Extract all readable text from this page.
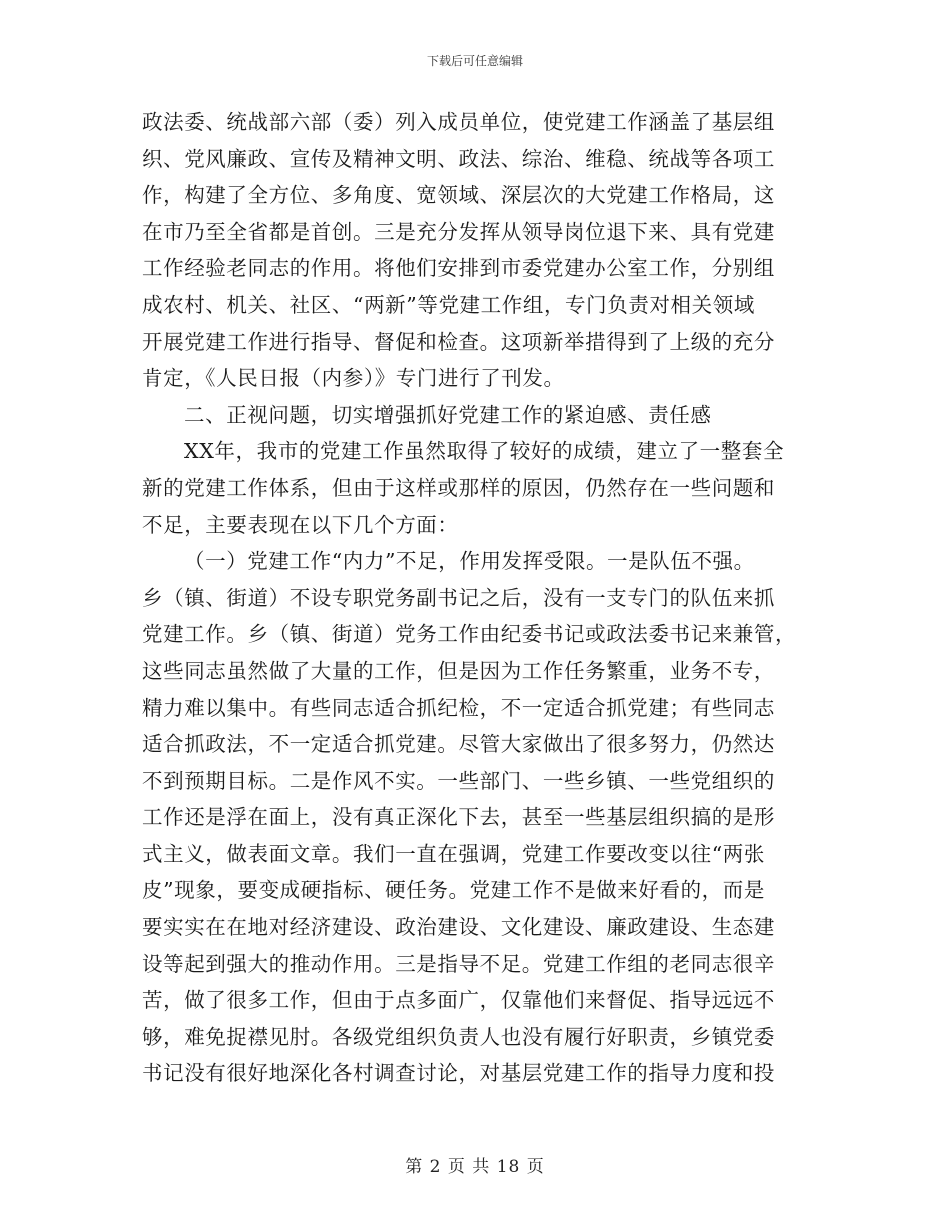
下载后可任意编辑
政法委、统战部六部（委）列入成员单位，使党建工作涵盖了基层组
织、党风廉政、宣传及精神文明、政法、综治、维稳、统战等各项工
作，构建了全方位、多角度、宽领域、深层次的大党建工作格局，这
在市乃至全省都是首创。三是充分发挥从领导岗位退下来、具有党建
工作经验老同志的作用。将他们安排到市委党建办公室工作，分别组
成农村、机关、社区、“两新”等党建工作组，专门负责对相关领域
开展党建工作进行指导、督促和检查。这项新举措得到了上级的充分
肯定，《人民日报（内参）》专门进行了刊发。
二、正视问题，切实增强抓好党建工作的紧迫感、责任感
XX年，我市的党建工作虽然取得了较好的成绩，建立了一整套全
新的党建工作体系，但由于这样或那样的原因，仍然存在一些问题和
不足，主要表现在以下几个方面：
（一）党建工作“内力”不足，作用发挥受限。一是队伍不强。
乡（镇、街道）不设专职党务副书记之后，没有一支专门的队伍来抓
党建工作。乡（镇、街道）党务工作由纪委书记或政法委书记来兼管，
这些同志虽然做了大量的工作，但是因为工作任务繁重，业务不专，
精力难以集中。有些同志适合抓纪检，不一定适合抓党建；有些同志
适合抓政法，不一定适合抓党建。尽管大家做出了很多努力，仍然达
不到预期目标。二是作风不实。一些部门、一些乡镇、一些党组织的
工作还是浮在面上，没有真正深化下去，甚至一些基层组织搞的是形
式主义，做表面文章。我们一直在强调，党建工作要改变以往“两张
皮”现象，要变成硬指标、硬任务。党建工作不是做来好看的，而是
要实实在在地对经济建设、政治建设、文化建设、廉政建设、生态建
设等起到强大的推动作用。三是指导不足。党建工作组的老同志很辛
苦，做了很多工作，但由于点多面广，仅靠他们来督促、指导远远不
够，难免捉襟见肘。各级党组织负责人也没有履行好职责，乡镇党委
书记没有很好地深化各村调查讨论，对基层党建工作的指导力度和投
第 2 页 共 18 页
